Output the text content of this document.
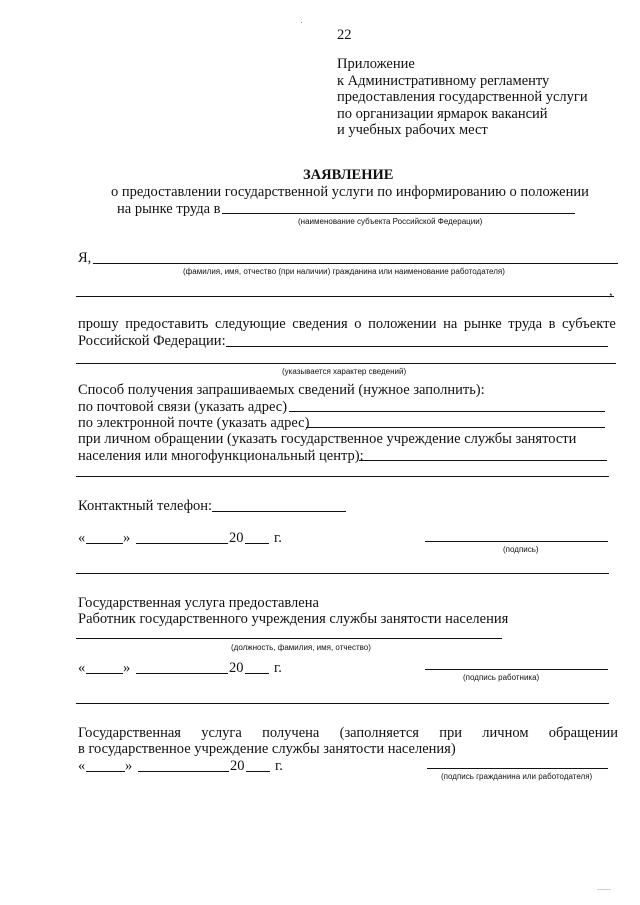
22
Приложение
к Административному регламенту
предоставления государственной услуги
по организации ярмарок вакансий
и учебных рабочих мест
ЗАЯВЛЕНИЕ
о предоставлении государственной услуги по информированию о положении
на рынке труда в
(наименование субъекта Российской Федерации)
Я,
(фамилия, имя, отчество (при наличии) гражданина или наименование работодателя)
,
прошу предоставить следующие сведения о положении на рынке труда в субъекте
Российской Федерации:
(указывается характер сведений)
Способ получения запрашиваемых сведений (нужное заполнить):
по почтовой связи (указать адрес)
по электронной почте (указать адрес)
при личном обращении (указать государственное учреждение службы занятости
населения или многофункциональный центр):
Контактный телефон:
«	»	20 г.
(подпись)
Государственная услуга предоставлена
Работник государственного учреждения службы занятости населения
(должность, фамилия, имя, отчество)
«	»	20 г.
(подпись работника)
Государственная услуга получена (заполняется при личном обращении
в государственное учреждение службы занятости населения)
«	»	20 г.
(подпись гражданина или работодателя)
